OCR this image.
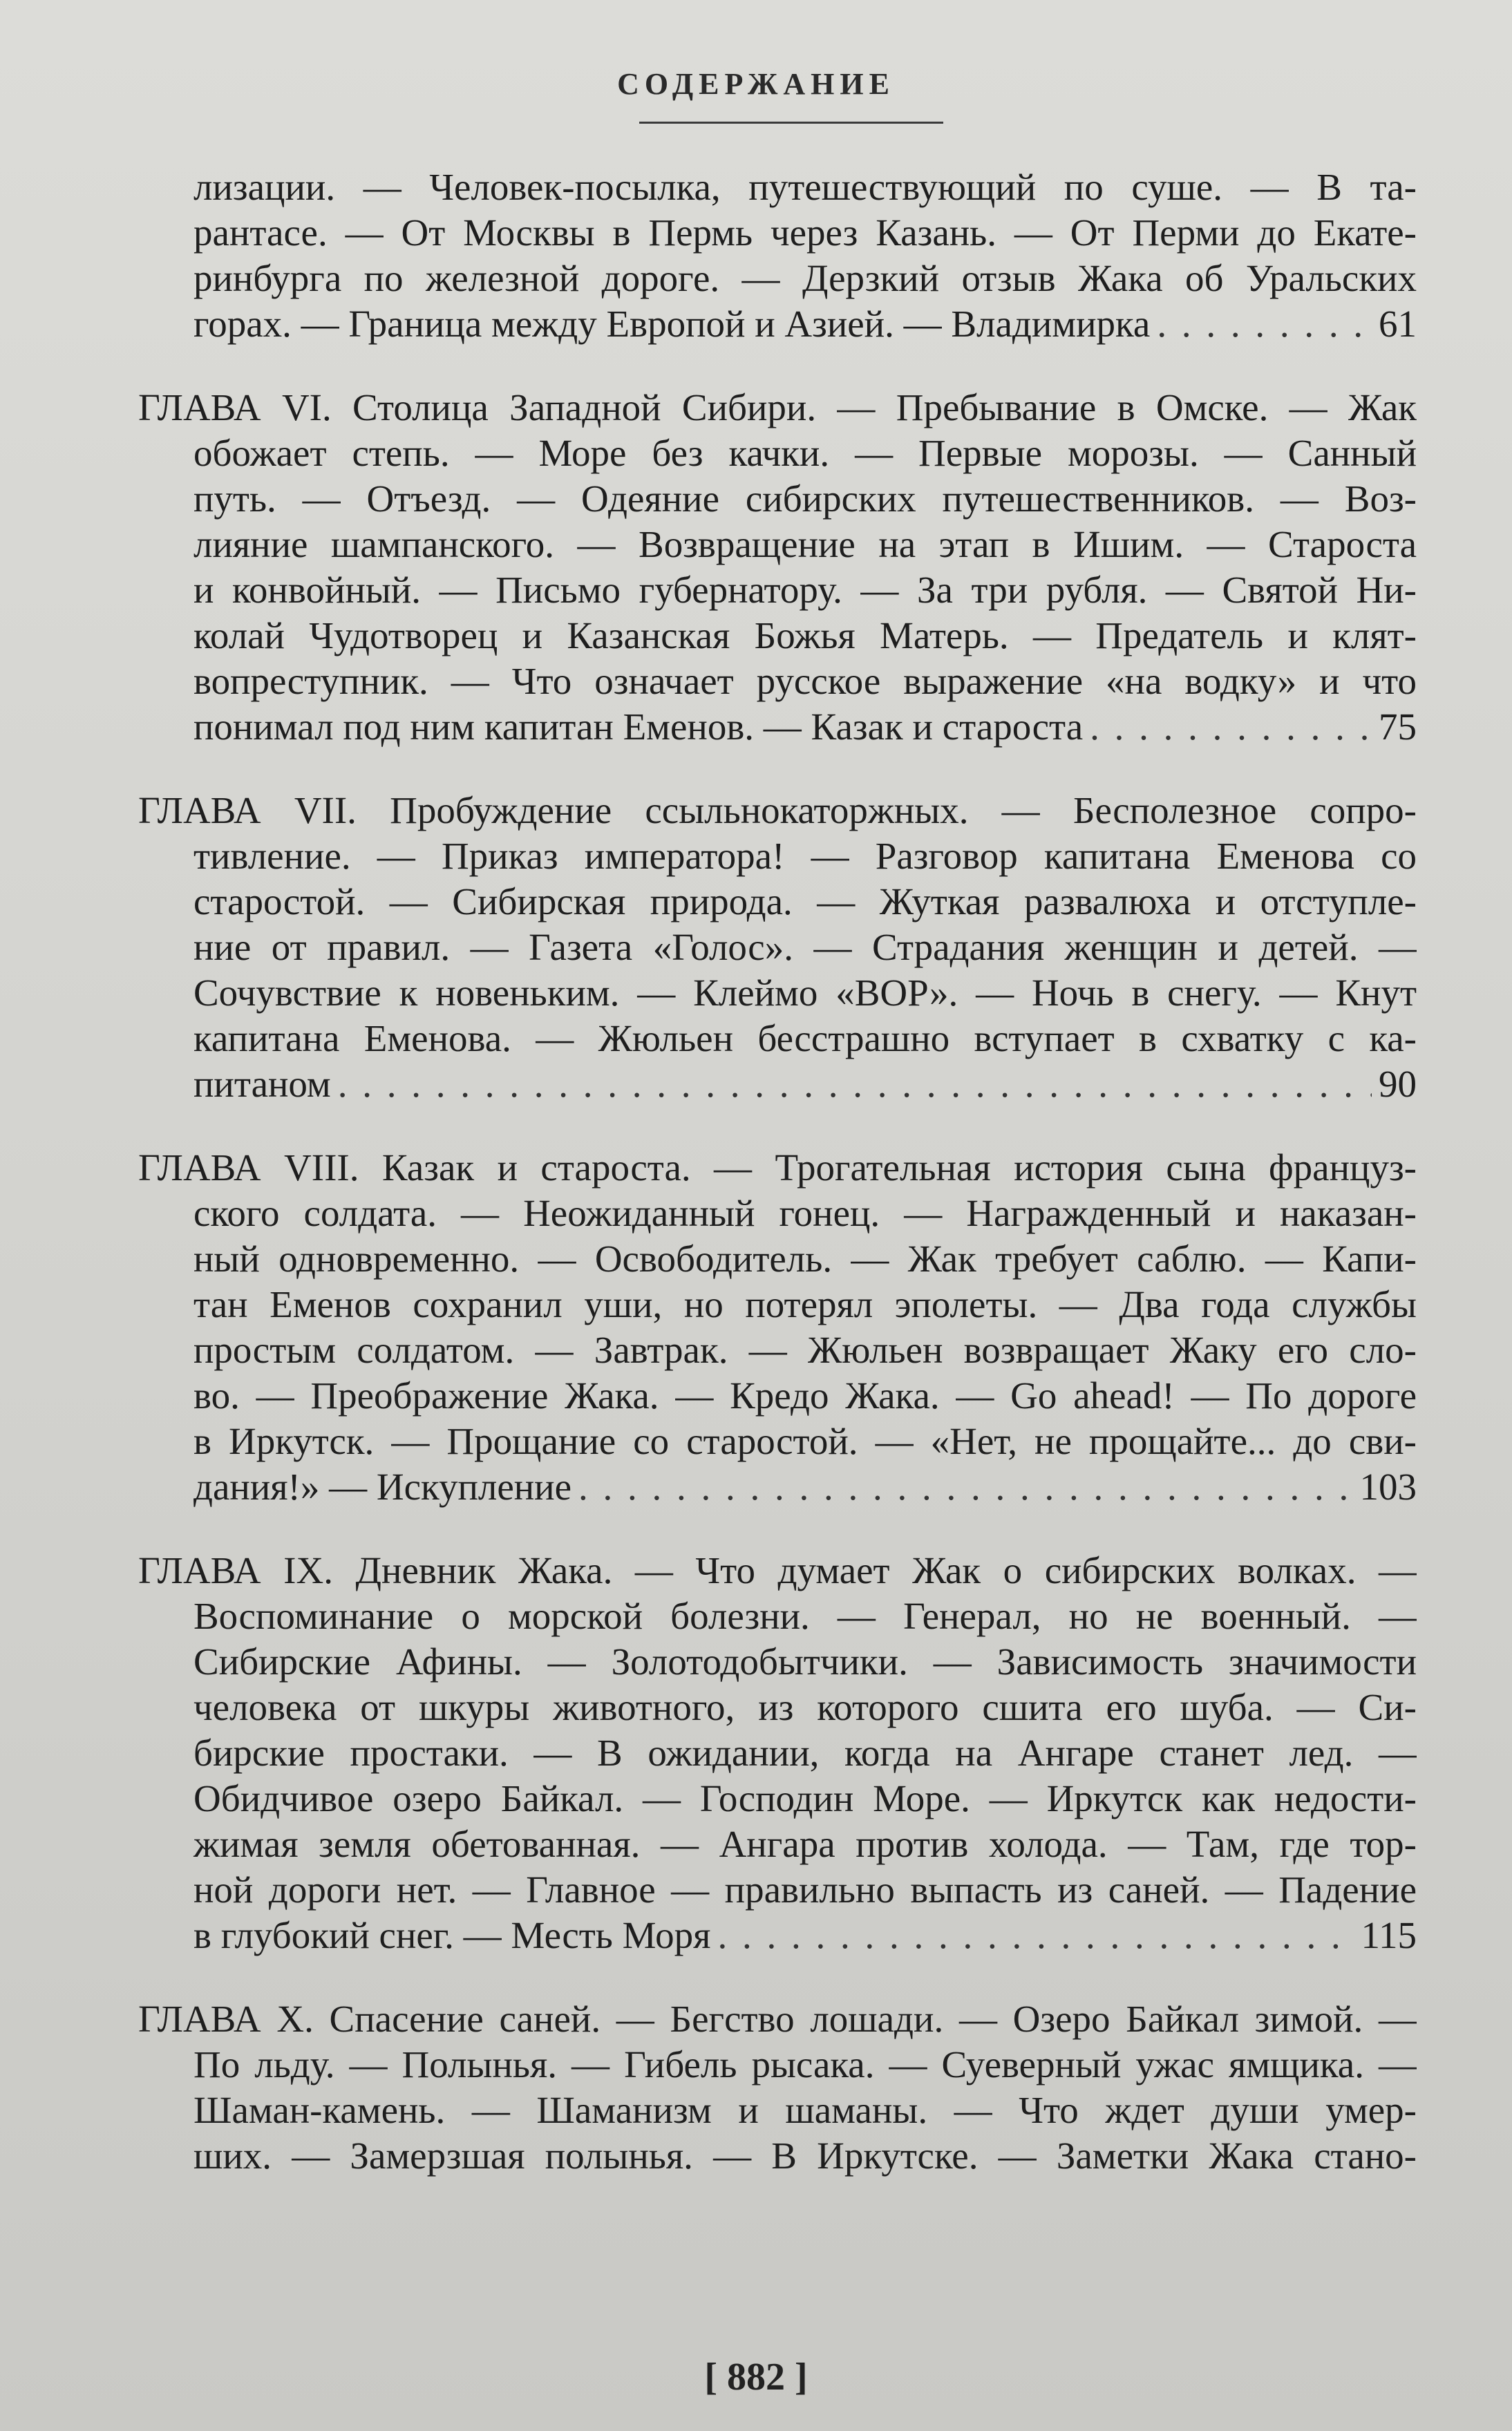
СОДЕРЖАНИЕ
лизации. — Человек-посылка, путешествующий по суше. — В та-
рантасе. — От Москвы в Пермь через Казань. — От Перми до Екате-
ринбурга по железной дороге. — Дерзкий отзыв Жака об Уральских
горах. — Граница между Европой и Азией. — Владимирка . . .	61
ГЛАВА VI. Столица Западной Сибири. — Пребывание в Омске. — Жак
обожает степь. — Море без качки. — Первые морозы. — Санный
путь. — Отъезд. — Одеяние сибирских путешественников. — Воз-
лияние шампанского. — Возвращение на этап в Ишим. — Староста
и конвойный. — Письмо губернатору. — За три рубля. — Святой Ни-
колай Чудотворец и Казанская Божья Матерь. — Предатель и клят-
вопреступник. — Что означает русское выражение «на водку» и что
понимал под ним капитан Еменов. — Казак и староста . . .	75
ГЛАВА VII. Пробуждение ссыльнокаторжных. — Бесполезное сопро-
тивление. — Приказ императора! — Разговор капитана Еменова со
старостой. — Сибирская природа. — Жуткая развалюха и отступле-
ние от правил. — Газета «Голос». — Страдания женщин и детей. —
Сочувствие к новеньким. — Клеймо «ВОР». — Ночь в снегу. — Кнут
капитана Еменова. — Жюльен бесстрашно вступает в схватку с ка-
питаном . . .	90
ГЛАВА VIII. Казак и староста. — Трогательная история сына француз-
ского солдата. — Неожиданный гонец. — Награжденный и наказан-
ный одновременно. — Освободитель. — Жак требует саблю. — Капи-
тан Еменов сохранил уши, но потерял эполеты. — Два года службы
простым солдатом. — Завтрак. — Жюльен возвращает Жаку его сло-
во. — Преображение Жака. — Кредо Жака. — Go ahead! — По дороге
в Иркутск. — Прощание со старостой. — «Нет, не прощайте... до сви-
дания!» — Искупление . . .	103
ГЛАВА IX. Дневник Жака. — Что думает Жак о сибирских волках. —
Воспоминание о морской болезни. — Генерал, но не военный. —
Сибирские Афины. — Золотодобытчики. — Зависимость значимости
человека от шкуры животного, из которого сшита его шуба. — Си-
бирские простаки. — В ожидании, когда на Ангаре станет лед. —
Обидчивое озеро Байкал. — Господин Море. — Иркутск как недости-
жимая земля обетованная. — Ангара против холода. — Там, где тор-
ной дороги нет. — Главное — правильно выпасть из саней. — Падение
в глубокий снег. — Месть Моря . . .	115
ГЛАВА X. Спасение саней. — Бегство лошади. — Озеро Байкал зимой. —
По льду. — Полынья. — Гибель рысака. — Суеверный ужас ямщика. —
Шаман-камень. — Шаманизм и шаманы. — Что ждет души умер-
ших. — Замерзшая полынья. — В Иркутске. — Заметки Жака стано-
[ 882 ]
